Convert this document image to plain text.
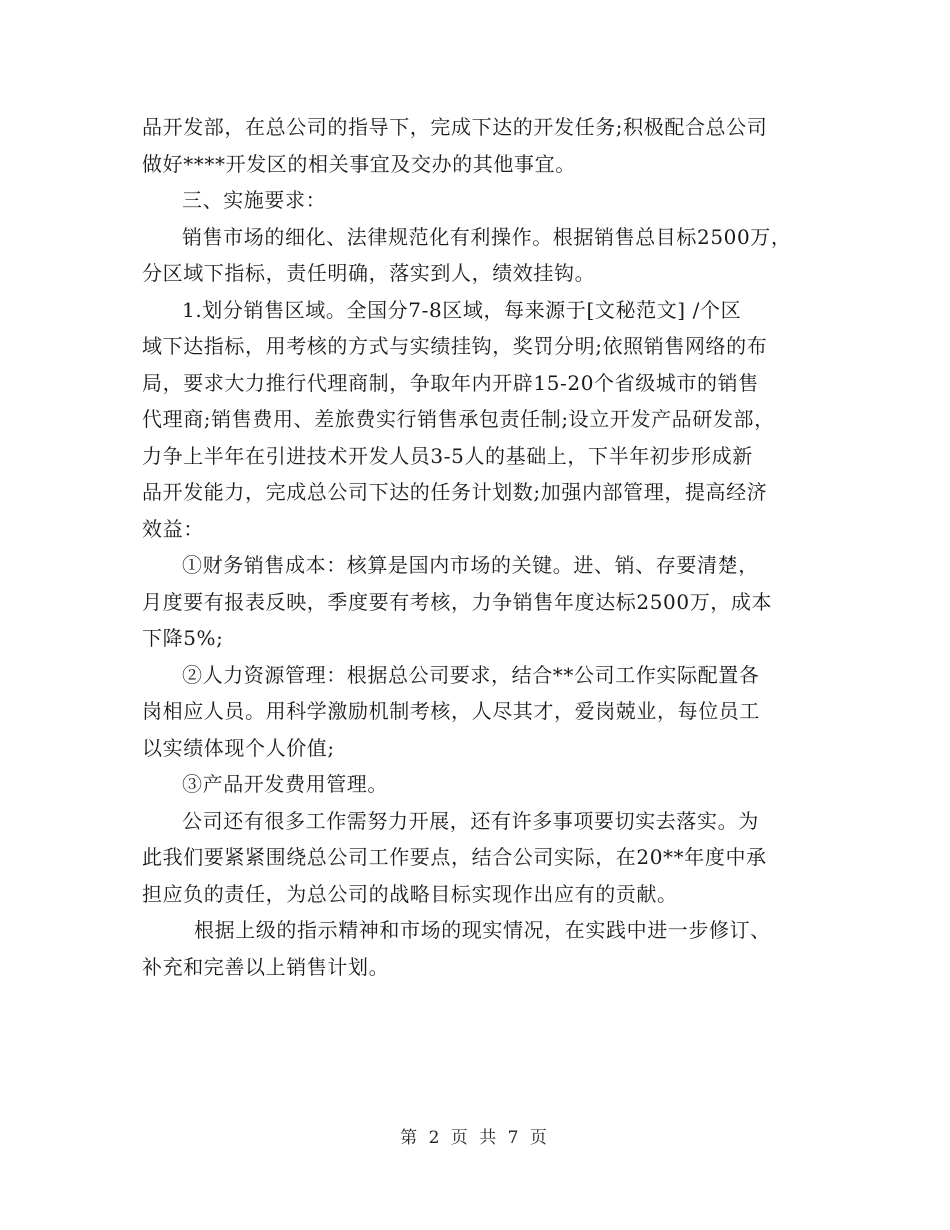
品开发部，在总公司的指导下，完成下达的开发任务;积极配合总公司
做好****开发区的相关事宜及交办的其他事宜。
三、实施要求：
销售市场的细化、法律规范化有利操作。根据销售总目标2500万，
分区域下指标，责任明确，落实到人，绩效挂钩。
1.划分销售区域。全国分7-8区域，每来源于[文秘范文] /个区
域下达指标，用考核的方式与实绩挂钩，奖罚分明;依照销售网络的布
局，要求大力推行代理商制，争取年内开辟15-20个省级城市的销售
代理商;销售费用、差旅费实行销售承包责任制;设立开发产品研发部，
力争上半年在引进技术开发人员3-5人的基础上，下半年初步形成新
品开发能力，完成总公司下达的任务计划数;加强内部管理，提高经济
效益：
①财务销售成本：核算是国内市场的关键。进、销、存要清楚，
月度要有报表反映，季度要有考核，力争销售年度达标2500万，成本
下降5%;
②人力资源管理：根据总公司要求，结合**公司工作实际配置各
岗相应人员。用科学激励机制考核，人尽其才，爱岗兢业，每位员工
以实绩体现个人价值;
③产品开发费用管理。
公司还有很多工作需努力开展，还有许多事项要切实去落实。为
此我们要紧紧围绕总公司工作要点，结合公司实际，在20**年度中承
担应负的责任，为总公司的战略目标实现作出应有的贡献。
根据上级的指示精神和市场的现实情况，在实践中进一步修订、
补充和完善以上销售计划。
第 2 页 共 7 页
